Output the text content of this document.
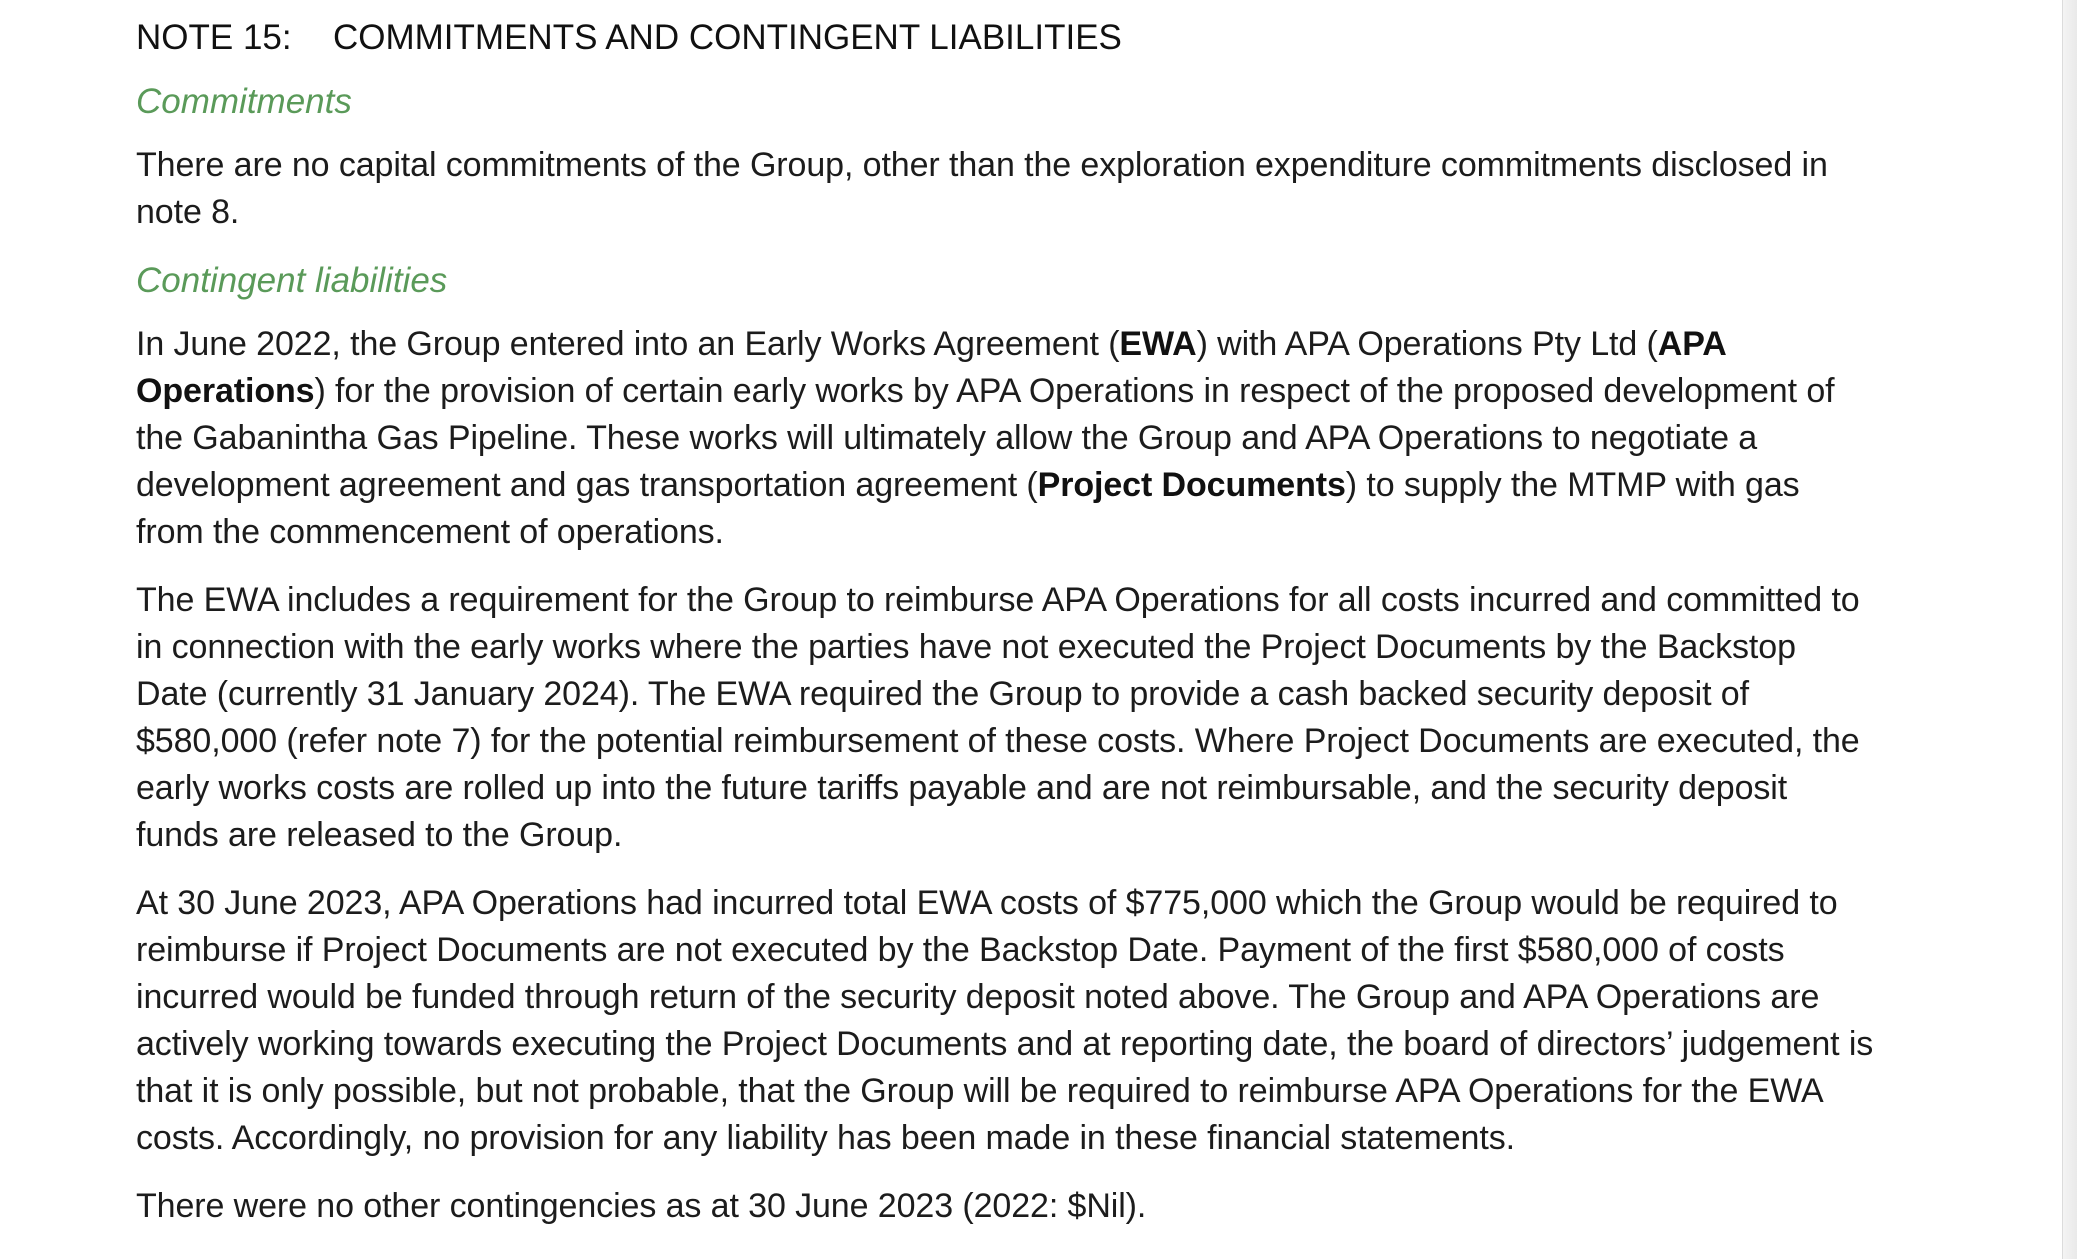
NOTE 15: COMMITMENTS AND CONTINGENT LIABILITIES
Commitments

There are no capital commitments of the Group, other than the exploration expenditure commitments disclosed in note 8.

Contingent liabilities

In June 2022, the Group entered into an Early Works Agreement (EWA) with APA Operations Pty Ltd (APA Operations) for the provision of certain early works by APA Operations in respect of the proposed development of the Gabanintha Gas Pipeline. These works will ultimately allow the Group and APA Operations to negotiate a development agreement and gas transportation agreement (Project Documents) to supply the MTMP with gas from the commencement of operations.

The EWA includes a requirement for the Group to reimburse APA Operations for all costs incurred and committed to in connection with the early works where the parties have not executed the Project Documents by the Backstop Date (currently 31 January 2024). The EWA required the Group to provide a cash backed security deposit of $580,000 (refer note 7) for the potential reimbursement of these costs. Where Project Documents are executed, the early works costs are rolled up into the future tariffs payable and are not reimbursable, and the security deposit funds are released to the Group.

At 30 June 2023, APA Operations had incurred total EWA costs of $775,000 which the Group would be required to reimburse if Project Documents are not executed by the Backstop Date. Payment of the first $580,000 of costs incurred would be funded through return of the security deposit noted above. The Group and APA Operations are actively working towards executing the Project Documents and at reporting date, the board of directors’ judgement is that it is only possible, but not probable, that the Group will be required to reimburse APA Operations for the EWA costs. Accordingly, no provision for any liability has been made in these financial statements.

There were no other contingencies as at 30 June 2023 (2022: $Nil).
